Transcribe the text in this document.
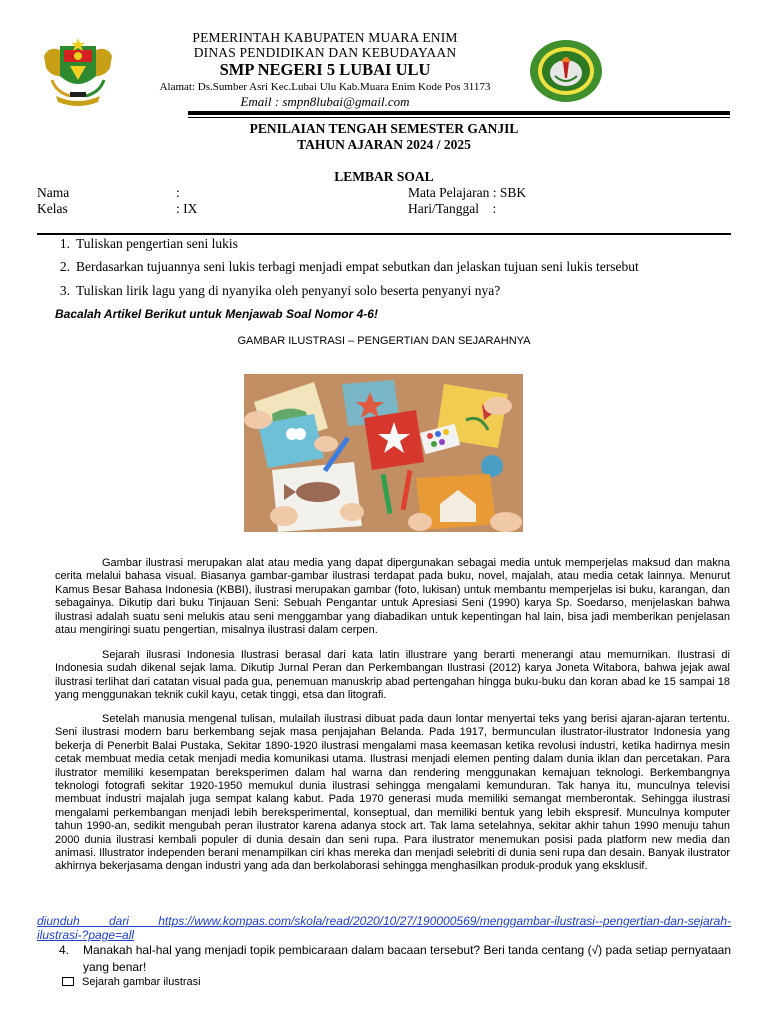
PEMERINTAH KABUPATEN MUARA ENIM
DINAS PENDIDIKAN DAN KEBUDAYAAN
SMP NEGERI 5 LUBAI ULU
Alamat: Ds.Sumber Asri Kec.Lubai Ulu Kab.Muara Enim Kode Pos 31173
Email : smpn8lubai@gmail.com
PENILAIAN TENGAH SEMESTER GANJIL
TAHUN AJARAN 2024 / 2025
LEMBAR SOAL
Nama	:	Mata Pelajaran : SBK
Kelas	: IX	Hari/Tanggal    :
1. Tuliskan pengertian seni lukis
2. Berdasarkan tujuannya seni lukis terbagi menjadi empat sebutkan dan jelaskan tujuan seni lukis tersebut
3. Tuliskan lirik lagu yang di nyanyika oleh penyanyi solo beserta penyanyi nya?
Bacalah Artikel Berikut untuk Menjawab Soal Nomor 4-6!
GAMBAR ILUSTRASI – PENGERTIAN DAN SEJARAHNYA

Gambar ilustrasi merupakan alat atau media yang dapat dipergunakan sebagai media untuk memperjelas maksud dan makna cerita melalui bahasa visual. Biasanya gambar-gambar ilustrasi terdapat pada buku, novel, majalah, atau media cetak lainnya. Menurut Kamus Besar Bahasa Indonesia (KBBI), ilustrasi merupakan gambar (foto, lukisan) untuk membantu memperjelas isi buku, karangan, dan sebagainya. Dikutip dari buku Tinjauan Seni: Sebuah Pengantar untuk Apresiasi Seni (1990) karya Sp. Soedarso, menjelaskan bahwa ilustrasi adalah suatu seni melukis atau seni menggambar yang diabadikan untuk kepentingan hal lain, bisa jadi memberikan penjelasan atau mengiringi suatu pengertian, misalnya ilustrasi dalam cerpen.

Sejarah ilusrasi Indonesia Ilustrasi berasal dari kata latin illustrare yang berarti menerangi atau memurnikan. Ilustrasi di Indonesia sudah dikenal sejak lama. Dikutip Jurnal Peran dan Perkembangan Ilustrasi (2012) karya Joneta Witabora, bahwa jejak awal ilustrasi terlihat dari catatan visual pada gua, penemuan manuskrip abad pertengahan hingga buku-buku dan koran abad ke 15 sampai 18 yang menggunakan teknik cukil kayu, cetak tinggi, etsa dan litografi.

Setelah manusia mengenal tulisan, mulailah ilustrasi dibuat pada daun lontar menyertai teks yang berisi ajaran-ajaran tertentu. Seni ilustrasi modern baru berkembang sejak masa penjajahan Belanda. Pada 1917, bermunculan ilustrator-ilustrator Indonesia yang bekerja di Penerbit Balai Pustaka, Sekitar 1890-1920 ilustrasi mengalami masa keemasan ketika revolusi industri, ketika hadirnya mesin cetak membuat media cetak menjadi media komunikasi utama. Ilustrasi menjadi elemen penting dalam dunia iklan dan percetakan. Para ilustrator memiliki kesempatan bereksperimen dalam hal warna dan rendering menggunakan kemajuan teknologi. Berkembangnya teknologi fotografi sekitar 1920-1950 memukul dunia ilustrasi sehingga mengalami kemunduran. Tak hanya itu, munculnya televisi membuat industri majalah juga sempat kalang kabut. Pada 1970 generasi muda memiliki semangat memberontak. Sehingga ilustrasi mengalami perkembangan menjadi lebih bereksperimental, konseptual, dan memiliki bentuk yang lebih ekspresif. Munculnya komputer tahun 1990-an, sedikit mengubah peran ilustrator karena adanya stock art. Tak lama setelahnya, sekitar akhir tahun 1990 menuju tahun 2000 dunia ilustrasi kembali populer di dunia desain dan seni rupa. Para ilustrator menemukan posisi pada platform new media dan animasi. Illustrator independen berani menampilkan ciri khas mereka dan menjadi selebriti di dunia seni rupa dan desain. Banyak ilustrator akhirnya bekerjasama dengan industri yang ada dan berkolaborasi sehingga menghasilkan produk-produk yang eksklusif.

diunduh dari https://www.kompas.com/skola/read/2020/10/27/190000569/menggambar-ilustrasi--pengertian-dan-sejarah-
ilustrasi-?page=all
4. Manakah hal-hal yang menjadi topik pembicaraan dalam bacaan tersebut? Beri tanda centang (√) pada setiap pernyataan yang benar!
Sejarah gambar ilustrasi
